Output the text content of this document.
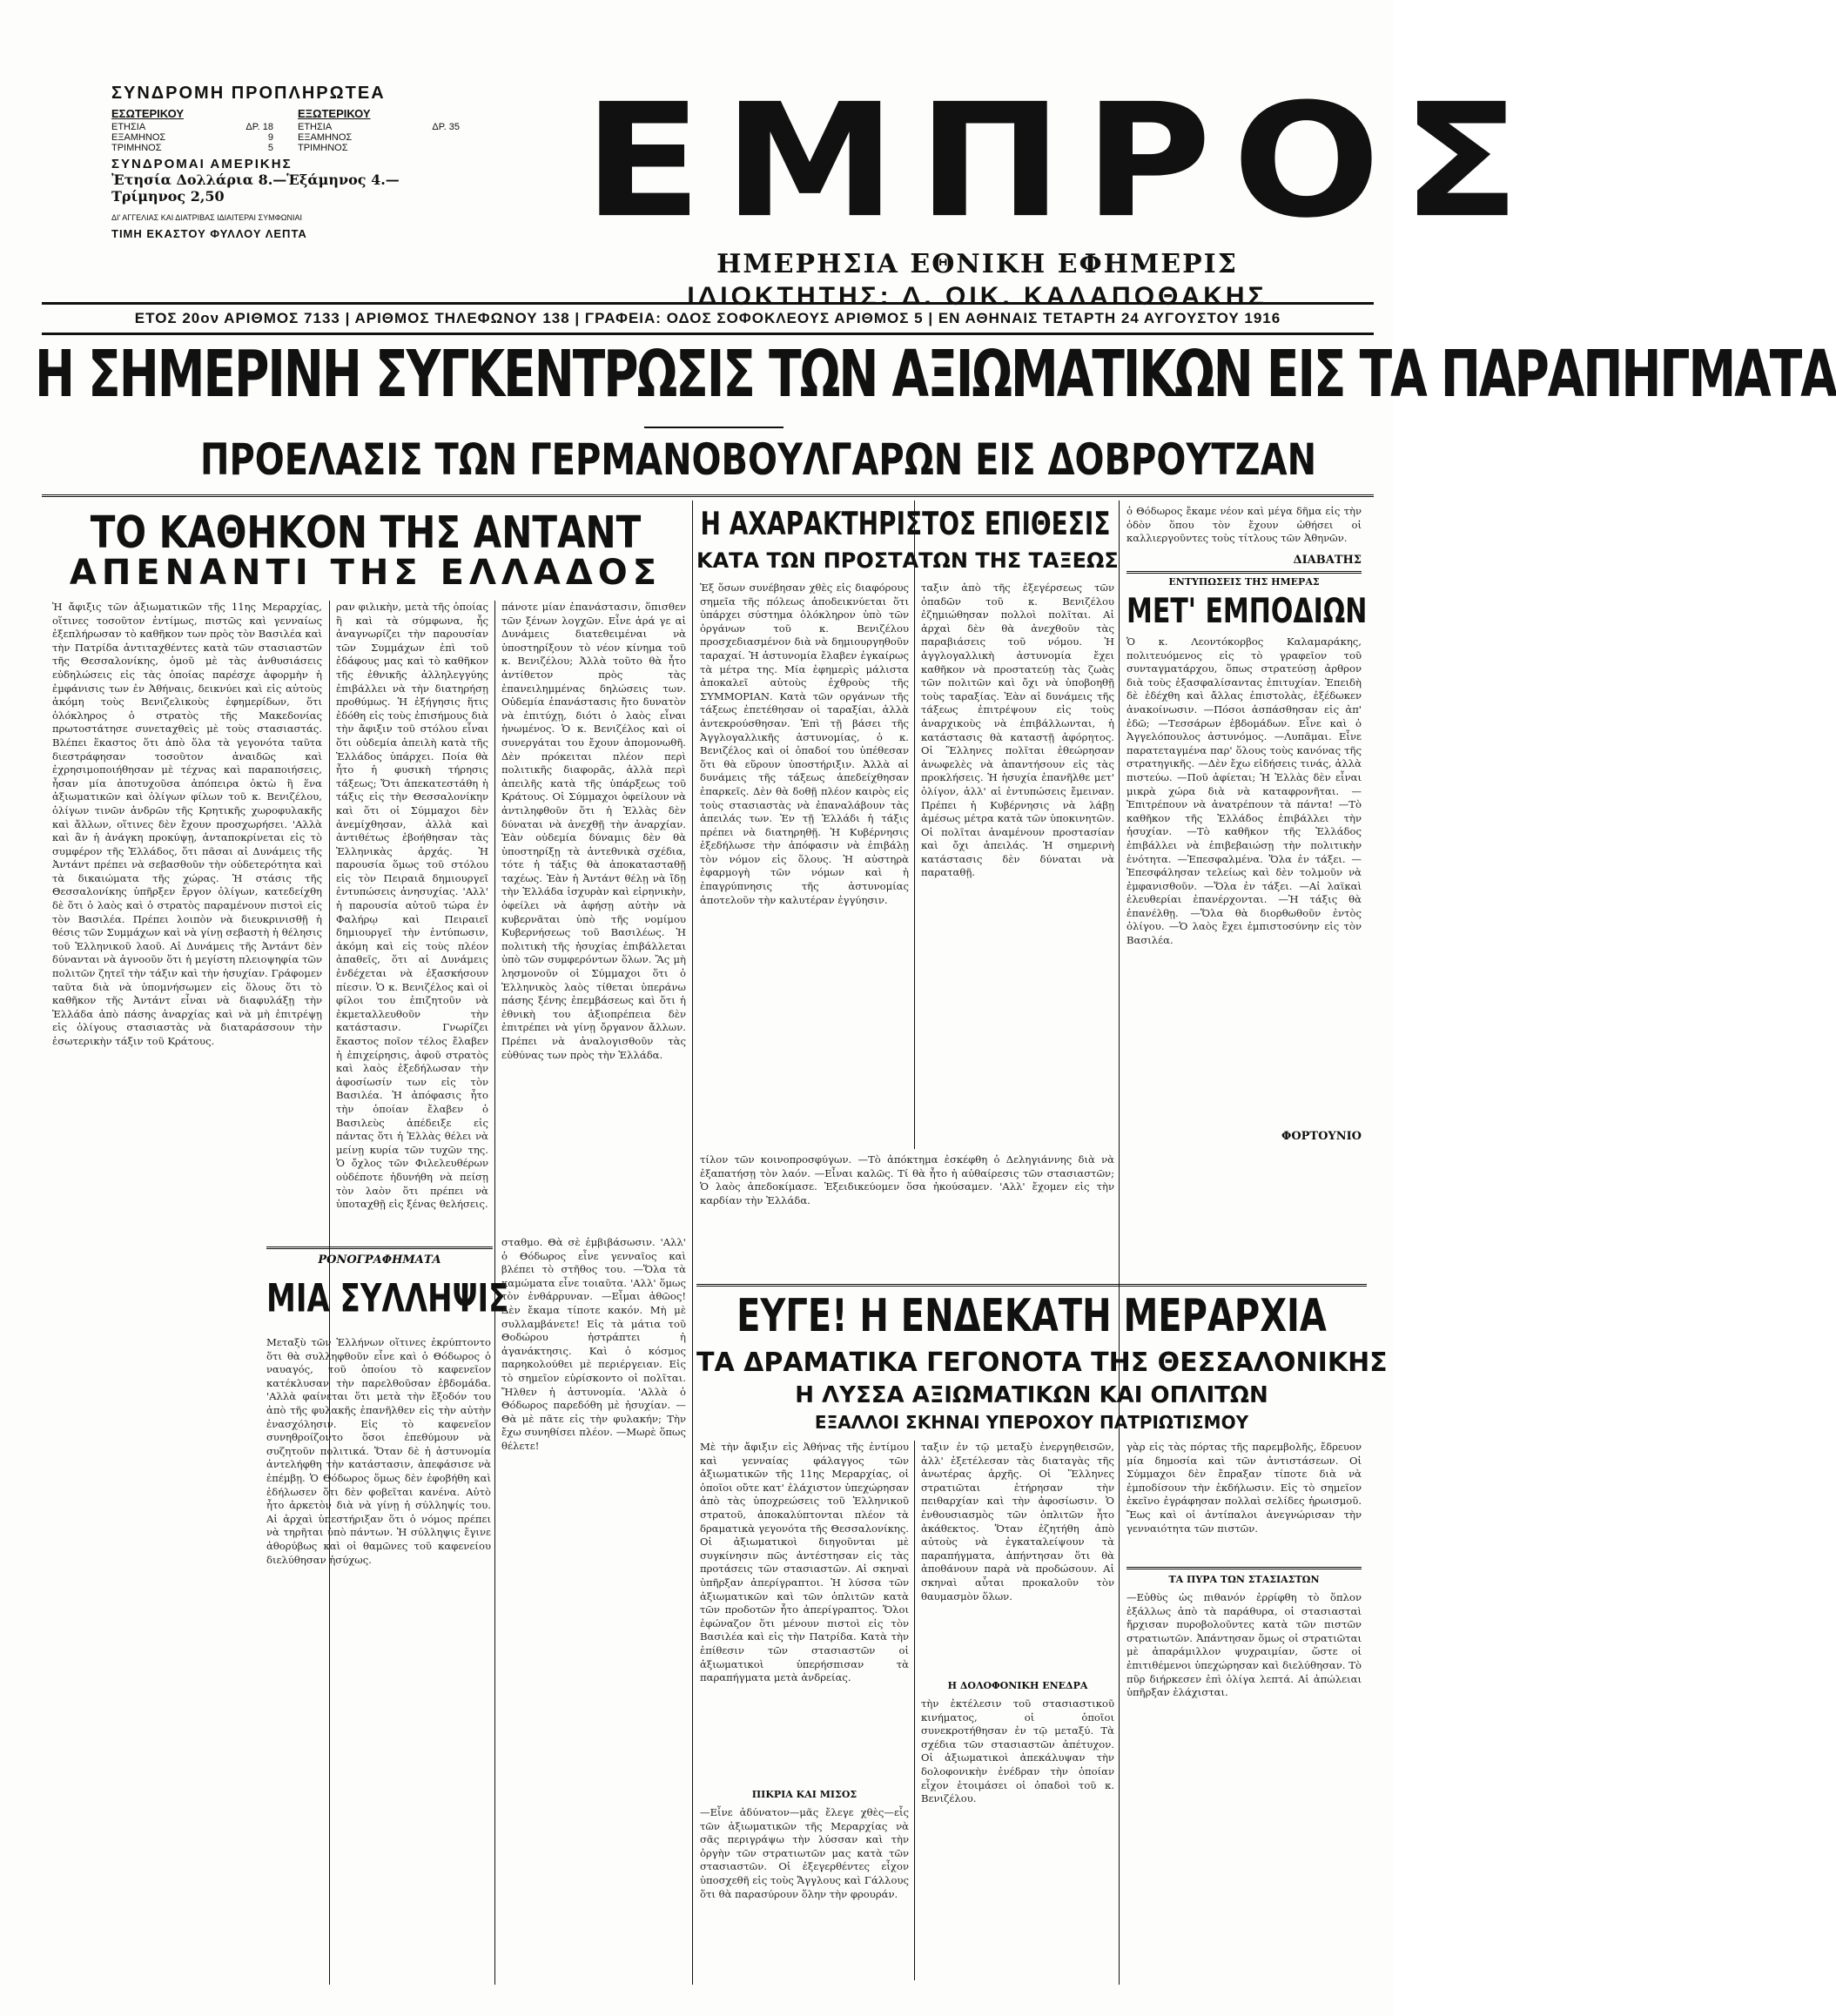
ΣΥΝΔΡΟΜΗ ΠΡΟΠΛΗΡΩΤΕΑ
ΕΣΩΤΕΡΙΚΟΥ
ΕΤΗΣΙΑ	ΔΡ. 18
ΕΞΑΜΗΝΟΣ	9
ΤΡΙΜΗΝΟΣ	5
ΕΞΩΤΕΡΙΚΟΥ
ΕΤΗΣΙΑ	ΔΡ. 35
ΕΞΑΜΗΝΟΣ
ΤΡΙΜΗΝΟΣ
ΣΥΝΔΡΟΜΑΙ ΑΜΕΡΙΚΗΣ
Ἐτησία Δολλάρια 8.—Ἑξάμηνος 4.—Τρίμηνος 2,50
ΔΙ' ΑΓΓΕΛΙΑΣ ΚΑΙ ΔΙΑΤΡΙΒΑΣ ΙΔΙΑΙΤΕΡΑΙ ΣΥΜΦΩΝΙΑΙ
ΤΙΜΗ ΕΚΑΣΤΟΥ ΦΥΛΛΟΥ ΛΕΠΤΑ	ΕΜΠΡΟΣ
ΗΜΕΡΗΣΙΑ ΕΘΝΙΚΗ ΕΦΗΜΕΡΙΣ
ΙΔΙΟΚΤΗΤΗΣ: Δ. ΟΙΚ. ΚΑΛΑΠΟΘΑΚΗΣ
ΕΤΟΣ 20ον ΑΡΙΘΜΟΣ 7133 | ΑΡΙΘΜΟΣ ΤΗΛΕΦΩΝΟΥ 138 | ΓΡΑΦΕΙΑ: ΟΔΟΣ ΣΟΦΟΚΛΕΟΥΣ ΑΡΙΘΜΟΣ 5 | ΕΝ ΑΘΗΝΑΙΣ ΤΕΤΑΡΤΗ 24 ΑΥΓΟΥΣΤΟΥ 1916
Η ΣΗΜΕΡΙΝΗ ΣΥΓΚΕΝΤΡΩΣΙΣ ΤΩΝ ΑΞΙΩΜΑΤΙΚΩΝ ΕΙΣ ΤΑ ΠΑΡΑΠΗΓΜΑΤΑ
ΠΡΟΕΛΑΣΙΣ ΤΩΝ ΓΕΡΜΑΝΟΒΟΥΛΓΑΡΩΝ ΕΙΣ ΔΟΒΡΟΥΤΖΑΝ
ΤΟ ΚΑΘΗΚΟΝ ΤΗΣ ΑΝΤΑΝΤ
ΑΠΕΝΑΝΤΙ ΤΗΣ ΕΛΛΑΔΟΣ
Ἡ ἄφιξις τῶν ἀξιωματικῶν τῆς 11ης Μεραρχίας, οἵτινες τοσοῦτον ἐντίμως, πιστῶς καὶ γενναίως ἐξεπλήρωσαν τὸ καθῆκον των πρὸς τὸν Βασιλέα καὶ τὴν Πατρίδα ἀντιταχθέντες κατὰ τῶν στασιαστῶν τῆς Θεσσαλονίκης, ὁμοῦ μὲ τὰς ἀνθυσιάσεις εὐδηλώσεις εἰς τὰς ὁποίας παρέσχε ἀφορμὴν ἡ ἐμφάνισις των ἐν Ἀθήναις, δεικνύει καὶ εἰς αὐτοὺς ἀκόμη τοὺς Βενιζελικοὺς ἐφημερίδων, ὅτι ὁλόκληρος ὁ στρατὸς τῆς Μακεδονίας πρωτοστάτησε συνεταχθεὶς μὲ τοὺς στασιαστάς. Βλέπει ἕκαστος ὅτι ἀπὸ ὅλα τὰ γεγονότα ταῦτα διεστράφησαν τοσοῦτον ἀναιδῶς καὶ ἐχρησιμοποιήθησαν μὲ τέχνας καὶ παραποιήσεις, ἦσαν μία ἀποτυχοῦσα ἀπόπειρα ὀκτὼ ἢ ἕνα ἀξιωματικῶν καὶ ὀλίγων φίλων τοῦ κ. Βενιζέλου, ὀλίγων τινῶν ἀνδρῶν τῆς Κρητικῆς χωροφυλακῆς καὶ ἄλλων, οἵτινες δὲν ἔχουν προσχωρήσει. 'Αλλὰ καὶ ἂν ἡ ἀνάγκη προκύψῃ, ἀνταποκρίνεται εἰς τὸ συμφέρον τῆς Ἑλλάδος, ὅτι πᾶσαι αἱ Δυνάμεις τῆς Ἀντάντ πρέπει νὰ σεβασθοῦν τὴν οὐδετερότητα καὶ τὰ δικαιώματα τῆς χώρας. Ἡ στάσις τῆς Θεσσαλονίκης ὑπῆρξεν ἔργον ὀλίγων, κατεδείχθη δὲ ὅτι ὁ λαὸς καὶ ὁ στρατὸς παραμένουν πιστοὶ εἰς τὸν Βασιλέα. Πρέπει λοιπὸν νὰ διευκρινισθῇ ἡ θέσις τῶν Συμμάχων καὶ νὰ γίνῃ σεβαστὴ ἡ θέλησις τοῦ Ἑλληνικοῦ λαοῦ. Αἱ Δυνάμεις τῆς Ἀντάντ δὲν δύνανται νὰ ἀγνοοῦν ὅτι ἡ μεγίστη πλειοψηφία τῶν πολιτῶν ζητεῖ τὴν τάξιν καὶ τὴν ἡσυχίαν. Γράφομεν ταῦτα διὰ νὰ ὑπομνήσωμεν εἰς ὅλους ὅτι τὸ καθῆκον τῆς Ἀντάντ εἶναι νὰ διαφυλάξῃ τὴν Ἑλλάδα ἀπὸ πάσης ἀναρχίας καὶ νὰ μὴ ἐπιτρέψῃ εἰς ὀλίγους στασιαστὰς νὰ διαταράσσουν τὴν ἐσωτερικὴν τάξιν τοῦ Κράτους.
ραν φιλικὴν, μετὰ τῆς ὁποίας ἢ καὶ τὰ σύμφωνα, ἧς ἀναγνωρίζει τὴν παρουσίαν τῶν Συμμάχων ἐπὶ τοῦ ἐδάφους μας καὶ τὸ καθῆκον τῆς ἐθνικῆς ἀλληλεγγύης ἐπιβάλλει νὰ τὴν διατηρήσῃ προθύμως. Ἡ ἐξήγησις ἥτις ἐδόθη εἰς τοὺς ἐπισήμους διὰ τὴν ἄφιξιν τοῦ στόλου εἶναι ὅτι οὐδεμία ἀπειλὴ κατὰ τῆς Ἑλλάδος ὑπάρχει. Ποία θὰ ἦτο ἡ φυσικὴ τήρησις τάξεως; Ὅτι ἀπεκατεστάθη ἡ τάξις εἰς τὴν Θεσσαλονίκην καὶ ὅτι οἱ Σύμμαχοι δὲν ἀνεμίχθησαν, ἀλλὰ καὶ ἀντιθέτως ἐβοήθησαν τὰς Ἑλληνικὰς ἀρχάς. Ἡ παρουσία ὅμως τοῦ στόλου εἰς τὸν Πειραιᾶ δημιουργεῖ ἐντυπώσεις ἀνησυχίας. 'Αλλ' ἡ παρουσία αὐτοῦ τώρα ἐν Φαλήρῳ καὶ Πειραιεῖ δημιουργεῖ τὴν ἐντύπωσιν, ἀκόμη καὶ εἰς τοὺς πλέον ἀπαθεῖς, ὅτι αἱ Δυνάμεις ἐνδέχεται νὰ ἐξασκήσουν πίεσιν. Ὁ κ. Βενιζέλος καὶ οἱ φίλοι του ἐπιζητοῦν νὰ ἐκμεταλλευθοῦν τὴν κατάστασιν. Γνωρίζει ἕκαστος ποῖον τέλος ἔλαβεν ἡ ἐπιχείρησις, ἀφοῦ στρατὸς καὶ λαὸς ἐξεδήλωσαν τὴν ἀφοσίωσίν των εἰς τὸν Βασιλέα. Ἡ ἀπόφασις ἦτο τὴν ὁποίαν ἔλαβεν ὁ Βασιλεὺς ἀπέδειξε εἰς πάντας ὅτι ἡ Ἑλλὰς θέλει νὰ μείνῃ κυρία τῶν τυχῶν της. Ὁ ὄχλος τῶν Φιλελευθέρων οὐδέποτε ἠδυνήθη νὰ πείσῃ τὸν λαὸν ὅτι πρέπει νὰ ὑποταχθῇ εἰς ξένας θελήσεις.
πάνοτε μίαν ἐπανάστασιν, ὅπισθεν τῶν ξένων λογχῶν. Εἶνε ἀρά γε αἱ Δυνάμεις διατεθειμέναι νὰ ὑποστηρίξουν τὸ νέον κίνημα τοῦ κ. Βενιζέλου; Ἀλλὰ τοῦτο θὰ ἦτο ἀντίθετον πρὸς τὰς ἐπανειλημμένας δηλώσεις των. Οὐδεμία ἐπανάστασις ἤτο δυνατὸν νὰ ἐπιτύχῃ, διότι ὁ λαὸς εἶναι ἡνωμένος. Ὁ κ. Βενιζέλος καὶ οἱ συνεργάται του ἔχουν ἀπομονωθῆ. Δὲν πρόκειται πλέον περὶ πολιτικῆς διαφορᾶς, ἀλλὰ περὶ ἀπειλῆς κατὰ τῆς ὑπάρξεως τοῦ Κράτους. Οἱ Σύμμαχοι ὀφείλουν νὰ ἀντιληφθοῦν ὅτι ἡ Ἑλλὰς δὲν δύναται νὰ ἀνεχθῇ τὴν ἀναρχίαν. Ἐὰν οὐδεμία δύναμις δὲν θὰ ὑποστηρίξῃ τὰ ἀντεθνικὰ σχέδια, τότε ἡ τάξις θὰ ἀποκατασταθῇ ταχέως. Ἐὰν ἡ Ἀντάντ θέλῃ νὰ ἴδῃ τὴν Ἑλλάδα ἰσχυρὰν καὶ εἰρηνικὴν, ὀφείλει νὰ ἀφήσῃ αὐτὴν νὰ κυβερνᾶται ὑπὸ τῆς νομίμου Κυβερνήσεως τοῦ Βασιλέως. Ἡ πολιτικὴ τῆς ἡσυχίας ἐπιβάλλεται ὑπὸ τῶν συμφερόντων ὅλων. Ἂς μὴ λησμονοῦν οἱ Σύμμαχοι ὅτι ὁ Ἑλληνικὸς λαὸς τίθεται ὑπεράνω πάσης ξένης ἐπεμβάσεως καὶ ὅτι ἡ ἐθνικὴ του ἀξιοπρέπεια δὲν ἐπιτρέπει νὰ γίνῃ ὄργανον ἄλλων. Πρέπει νὰ ἀναλογισθοῦν τὰς εὐθύνας των πρὸς τὴν Ἑλλάδα.
Η ΑΧΑΡΑΚΤΗΡΙΣΤΟΣ ΕΠΙΘΕΣΙΣ
ΚΑΤΑ ΤΩΝ ΠΡΟΣΤΑΤΩΝ ΤΗΣ ΤΑΞΕΩΣ
Ἐξ ὅσων συνέβησαν χθὲς εἰς διαφόρους σημεῖα τῆς πόλεως ἀποδεικνύεται ὅτι ὑπάρχει σύστημα ὁλόκληρον ὑπὸ τῶν ὀργάνων τοῦ κ. Βενιζέλου προσχεδιασμένον διὰ νὰ δημιουργηθοῦν ταραχαί. Ἡ ἀστυνομία ἔλαβεν ἐγκαίρως τὰ μέτρα της. Μία ἐφημερὶς μάλιστα ἀποκαλεῖ αὐτοὺς ἐχθροὺς τῆς ΣΥΜΜΟΡΙΑΝ. Κατὰ τῶν οργάνων τῆς τάξεως ἐπετέθησαν οἱ ταραξίαι, ἀλλὰ ἀντεκρούσθησαν. Ἐπὶ τῇ βάσει τῆς Ἀγγλογαλλικῆς ἀστυνομίας, ὁ κ. Βενιζέλος καὶ οἱ ὀπαδοί του ὑπέθεσαν ὅτι θὰ εὕρουν ὑποστήριξιν. Ἀλλὰ αἱ δυνάμεις τῆς τάξεως ἀπεδείχθησαν ἐπαρκεῖς. Δὲν θὰ δοθῇ πλέον καιρὸς εἰς τοὺς στασιαστὰς νὰ ἐπαναλάβουν τὰς ἀπειλάς των. Ἐν τῇ Ἑλλάδι ἡ τάξις πρέπει νὰ διατηρηθῇ. Ἡ Κυβέρνησις ἐξεδήλωσε τὴν ἀπόφασιν νὰ ἐπιβάλῃ τὸν νόμον εἰς ὅλους. Ἡ αὐστηρὰ ἐφαρμογὴ τῶν νόμων καὶ ἡ ἐπαγρύπνησις τῆς ἀστυνομίας ἀποτελοῦν τὴν καλυτέραν ἐγγύησιν.
ταξιν ἀπὸ τῆς ἐξεγέρσεως τῶν ὁπαδῶν τοῦ κ. Βενιζέλου ἐζημιώθησαν πολλοὶ πολῖται. Αἱ ἀρχαὶ δὲν θὰ ἀνεχθοῦν τὰς παραβιάσεις τοῦ νόμου. Ἡ ἀγγλογαλλικὴ ἀστυνομία ἔχει καθῆκον νὰ προστατεύῃ τὰς ζωὰς τῶν πολιτῶν καὶ ὄχι νὰ ὑποβοηθῇ τοὺς ταραξίας. Ἐὰν αἱ δυνάμεις τῆς τάξεως ἐπιτρέψουν εἰς τοὺς ἀναρχικοὺς νὰ ἐπιβάλλωνται, ἡ κατάστασις θὰ καταστῇ ἀφόρητος. Οἱ Ἕλληνες πολῖται ἐθεώρησαν ἀνωφελὲς νὰ ἀπαντήσουν εἰς τὰς προκλήσεις. Ἡ ἡσυχία ἐπανῆλθε μετ' ὀλίγον, ἀλλ' αἱ ἐντυπώσεις ἔμειναν. Πρέπει ἡ Κυβέρνησις νὰ λάβῃ ἀμέσως μέτρα κατὰ τῶν ὑποκινητῶν. Οἱ πολῖται ἀναμένουν προστασίαν καὶ ὄχι ἀπειλάς. Ἡ σημερινὴ κατάστασις δὲν δύναται νὰ παραταθῇ.
τίλον τῶν κοινοπροσφύγων. —Τὸ ἀπόκτημα ἐσκέφθη ὁ Δεληγιάννης διὰ νὰ ἐξαπατήσῃ τὸν λαόν. —Εἶναι καλῶς. Τί θὰ ἦτο ἡ αὐθαίρεσις τῶν στασιαστῶν; Ὁ λαὸς ἀπεδοκίμασε. Ἐξειδικεύομεν ὅσα ἠκούσαμεν. 'Αλλ' ἔχομεν εἰς τὴν καρδίαν τὴν Ἑλλάδα.
ὁ Θόδωρος ἔκαμε νέον καὶ μέγα δῆμα εἰς τὴν ὁδὸν ὅπου τὸν ἔχουν ὠθήσει οἱ καλλιεργοῦντες τοὺς τίτλους τῶν Ἀθηνῶν.
ΔΙΑΒΑΤΗΣ
ΕΝΤΥΠΩΣΕΙΣ ΤΗΣ ΗΜΕΡΑΣ
ΜΕΤ' ΕΜΠΟΔΙΩΝ
Ὁ κ. Λεοντόκορβος Καλαμαράκης, πολιτευόμενος εἰς τὸ γραφεῖον τοῦ συνταγματάρχου, ὅπως στρατεύσῃ ἀρθρον διὰ τοὺς ἐξασφαλίσαντας ἐπιτυχίαν. Ἐπειδὴ δὲ ἐδέχθη καὶ ἄλλας ἐπιστολὰς, ἐξέδωκεν ἀνακοίνωσιν. —Πόσοι ἀσπάσθησαν εἰς ἀπ' ἐδῶ; —Τεσσάρων ἐβδομάδων. Εἶνε καὶ ὁ Ἀγγελόπουλος ἀστυνόμος. —Λυπᾶμαι. Εἶνε παρατεταγμένα παρ' ὅλους τοὺς κανόνας τῆς στρατηγικῆς. —Δὲν ἔχω εἰδήσεις τινάς, ἀλλὰ πιστεύω. —Ποῦ ἀφίεται; Ἡ Ἑλλὰς δὲν εἶναι μικρὰ χώρα διὰ νὰ καταφρονῆται. —Ἐπιτρέπουν νὰ ἀνατρέπουν τὰ πάντα! —Τὸ καθῆκον τῆς Ἑλλάδος ἐπιβάλλει τὴν ἡσυχίαν. —Τὸ καθῆκον τῆς Ἑλλάδος ἐπιβάλλει νὰ ἐπιβεβαιώσῃ τὴν πολιτικὴν ἑνότητα. —Ἐπεσφαλμένα. Ὅλα ἐν τάξει. —Ἐπεσφάλησαν τελείως καὶ δὲν τολμοῦν νὰ ἐμφανισθοῦν. —Ὅλα ἐν τάξει. —Αἱ λαϊκαὶ ἐλευθερίαι ἐπανέρχονται. —Ἡ τάξις θὰ ἐπανέλθῃ. —Ὅλα θὰ διορθωθοῦν ἐντὸς ὀλίγου. —Ὁ λαὸς ἔχει ἐμπιστοσύνην εἰς τὸν Βασιλέα.
ΦΟΡΤΟΥΝΙΟ
ΡΟΝΟΓΡΑΦΗΜΑΤΑ
ΜΙΑ ΣΥΛΛΗΨΙΣ
Μεταξὺ τῶν Ἑλλήνων οἵτινες ἐκρύπτοντο ὅτι θὰ συλληφθοῦν εἶνε καὶ ὁ Θόδωρος ὁ ναυαγός, τοῦ ὁποίου τὸ καφενεῖον κατέκλυσαν τὴν παρελθοῦσαν ἑβδομάδα. 'Αλλὰ φαίνεται ὅτι μετὰ τὴν ἔξοδόν του ἀπὸ τῆς φυλακῆς ἐπανῆλθεν εἰς τὴν αὐτὴν ἐνασχόλησιν. Εἰς τὸ καφενεῖον συνηθροίζοντο ὅσοι ἐπεθύμουν νὰ συζητοῦν πολιτικά. Ὅταν δὲ ἡ ἀστυνομία ἀντελήφθη τὴν κατάστασιν, ἀπεφάσισε νὰ ἐπέμβῃ. Ὁ Θόδωρος ὅμως δὲν ἐφοβήθη καὶ ἐδήλωσεν ὅτι δὲν φοβεῖται κανένα. Αὐτὸ ἦτο ἀρκετὸν διὰ νὰ γίνῃ ἡ σύλληψίς του. Αἱ ἀρχαὶ ὑπεστήριξαν ὅτι ὁ νόμος πρέπει νὰ τηρῆται ὑπὸ πάντων. Ἡ σύλληψις ἔγινε ἀθορύβως καὶ οἱ θαμῶνες τοῦ καφενείου διελύθησαν ἡσύχως.
σταθμο. Θὰ σὲ ἐμβιβάσωσιν. 'Αλλ' ὁ Θόδωρος εἶνε γενναῖος καὶ βλέπει τὸ στῆθος του. —Ὅλα τὰ καμώματα εἶνε τοιαῦτα. 'Αλλ' ὅμως τὸν ἐνθάρρυναν. —Εἶμαι ἀθῶος! Δὲν ἔκαμα τίποτε κακόν. Μὴ μὲ συλλαμβάνετε! Εἰς τὰ μάτια τοῦ Θοδώρου ἠστράπτει ἡ ἀγανάκτησις. Καὶ ὁ κόσμος παρηκολούθει μὲ περιέργειαν. Εἰς τὸ σημεῖον εὑρίσκοντο οἱ πολῖται. Ἤλθεν ἡ ἀστυνομία. 'Αλλὰ ὁ Θόδωρος παρεδόθη μὲ ἡσυχίαν. —Θὰ μὲ πᾶτε εἰς τὴν φυλακήν; Τὴν ἔχω συνηθίσει πλέον. —Μωρὲ ὅπως θέλετε!
ΕΥΓΕ! Η ΕΝΔΕΚΑΤΗ ΜΕΡΑΡΧΙΑ
ΤΑ ΔΡΑΜΑΤΙΚΑ ΓΕΓΟΝΟΤΑ ΤΗΣ ΘΕΣΣΑΛΟΝΙΚΗΣ
Η ΛΥΣΣΑ ΑΞΙΩΜΑΤΙΚΩΝ ΚΑΙ ΟΠΛΙΤΩΝ
ΕΞΑΛΛΟΙ ΣΚΗΝΑΙ ΥΠΕΡΟΧΟΥ ΠΑΤΡΙΩΤΙΣΜΟΥ
Μὲ τὴν ἄφιξιν εἰς Ἀθήνας τῆς ἐντίμου καὶ γενναίας φάλαγγος τῶν ἀξιωματικῶν τῆς 11ης Μεραρχίας, οἱ ὁποῖοι οὔτε κατ' ἐλάχιστον ὑπεχώρησαν ἀπὸ τὰς ὑποχρεώσεις τοῦ Ἑλληνικοῦ στρατοῦ, ἀποκαλύπτονται πλέον τὰ δραματικὰ γεγονότα τῆς Θεσσαλονίκης. Οἱ ἀξιωματικοὶ διηγοῦνται μὲ συγκίνησιν πῶς ἀντέστησαν εἰς τὰς προτάσεις τῶν στασιαστῶν. Αἱ σκηναὶ ὑπῆρξαν ἀπερίγραπτοι. Ἡ λύσσα τῶν ἀξιωματικῶν καὶ τῶν ὁπλιτῶν κατὰ τῶν προδοτῶν ἦτο ἀπερίγραπτος. Ὅλοι ἐφώναζον ὅτι μένουν πιστοὶ εἰς τὸν Βασιλέα καὶ εἰς τὴν Πατρίδα. Κατὰ τὴν ἐπίθεσιν τῶν στασιαστῶν οἱ ἀξιωματικοὶ ὑπερήσπισαν τὰ παραπήγματα μετὰ ἀνδρείας.
ΠΙΚΡΙΑ ΚΑΙ ΜΙΣΟΣ
—Εἶνε ἀδύνατον—μᾶς ἔλεγε χθὲς—εἷς τῶν ἀξιωματικῶν τῆς Μεραρχίας νὰ σᾶς περιγράψω τὴν λύσσαν καὶ τὴν ὀργὴν τῶν στρατιωτῶν μας κατὰ τῶν στασιαστῶν. Οἱ ἐξεγερθέντες εἶχον ὑποσχεθῆ εἰς τοὺς Ἄγγλους καὶ Γάλλους ὅτι θὰ παρασύρουν ὅλην τὴν φρουράν.
ταξιν ἐν τῷ μεταξὺ ἐνεργηθεισῶν, ἀλλ' ἐξετέλεσαν τὰς διαταγὰς τῆς ἀνωτέρας ἀρχῆς. Οἱ Ἕλληνες στρατιῶται ἐτήρησαν τὴν πειθαρχίαν καὶ τὴν ἀφοσίωσιν. Ὁ ἐνθουσιασμὸς τῶν ὁπλιτῶν ἦτο ἀκάθεκτος. Ὅταν ἐζητήθη ἀπὸ αὐτοὺς νὰ ἐγκαταλείψουν τὰ παραπήγματα, ἀπήντησαν ὅτι θὰ ἀποθάνουν παρὰ νὰ προδώσουν. Αἱ σκηναὶ αὗται προκαλοῦν τὸν θαυμασμὸν ὅλων.
Η ΔΟΛΟΦΟΝΙΚΗ ΕΝΕΔΡΑ
τὴν ἐκτέλεσιν τοῦ στασιαστικοῦ κινήματος, οἱ ὁποῖοι συνεκροτήθησαν ἐν τῷ μεταξύ. Τὰ σχέδια τῶν στασιαστῶν ἀπέτυχον. Οἱ ἀξιωματικοὶ ἀπεκάλυψαν τὴν δολοφονικὴν ἐνέδραν τὴν ὁποίαν εἶχον ἑτοιμάσει οἱ ὀπαδοὶ τοῦ κ. Βενιζέλου.
γὰρ εἰς τὰς πόρτας τῆς παρεμβολῆς, ἔδρευον μία δημοσία καὶ τῶν ἀντιστάσεων. Οἱ Σύμμαχοι δὲν ἔπραξαν τίποτε διὰ νὰ ἐμποδίσουν τὴν ἐκδήλωσιν. Εἰς τὸ σημεῖον ἐκεῖνο ἐγράφησαν πολλαὶ σελίδες ἡρωισμοῦ. Ἔως καὶ οἱ ἀντίπαλοι ἀνεγνώρισαν τὴν γενναιότητα τῶν πιστῶν.
ΤΑ ΠΥΡΑ ΤΩΝ ΣΤΑΣΙΑΣΤΩΝ
—Εὐθὺς ὡς πιθανόν ἐρρίφθη τὸ ὅπλον ἐξάλλως ἀπὸ τὰ παράθυρα, οἱ στασιασταὶ ἤρχισαν πυροβολοῦντες κατὰ τῶν πιστῶν στρατιωτῶν. Ἀπάντησαν ὅμως οἱ στρατιῶται μὲ ἀπαράμιλλον ψυχραιμίαν, ὥστε οἱ ἐπιτιθέμενοι ὑπεχώρησαν καὶ διελύθησαν. Τὸ πῦρ διήρκεσεν ἐπὶ ὀλίγα λεπτά. Αἱ ἀπώλειαι ὑπῆρξαν ἐλάχισται.
